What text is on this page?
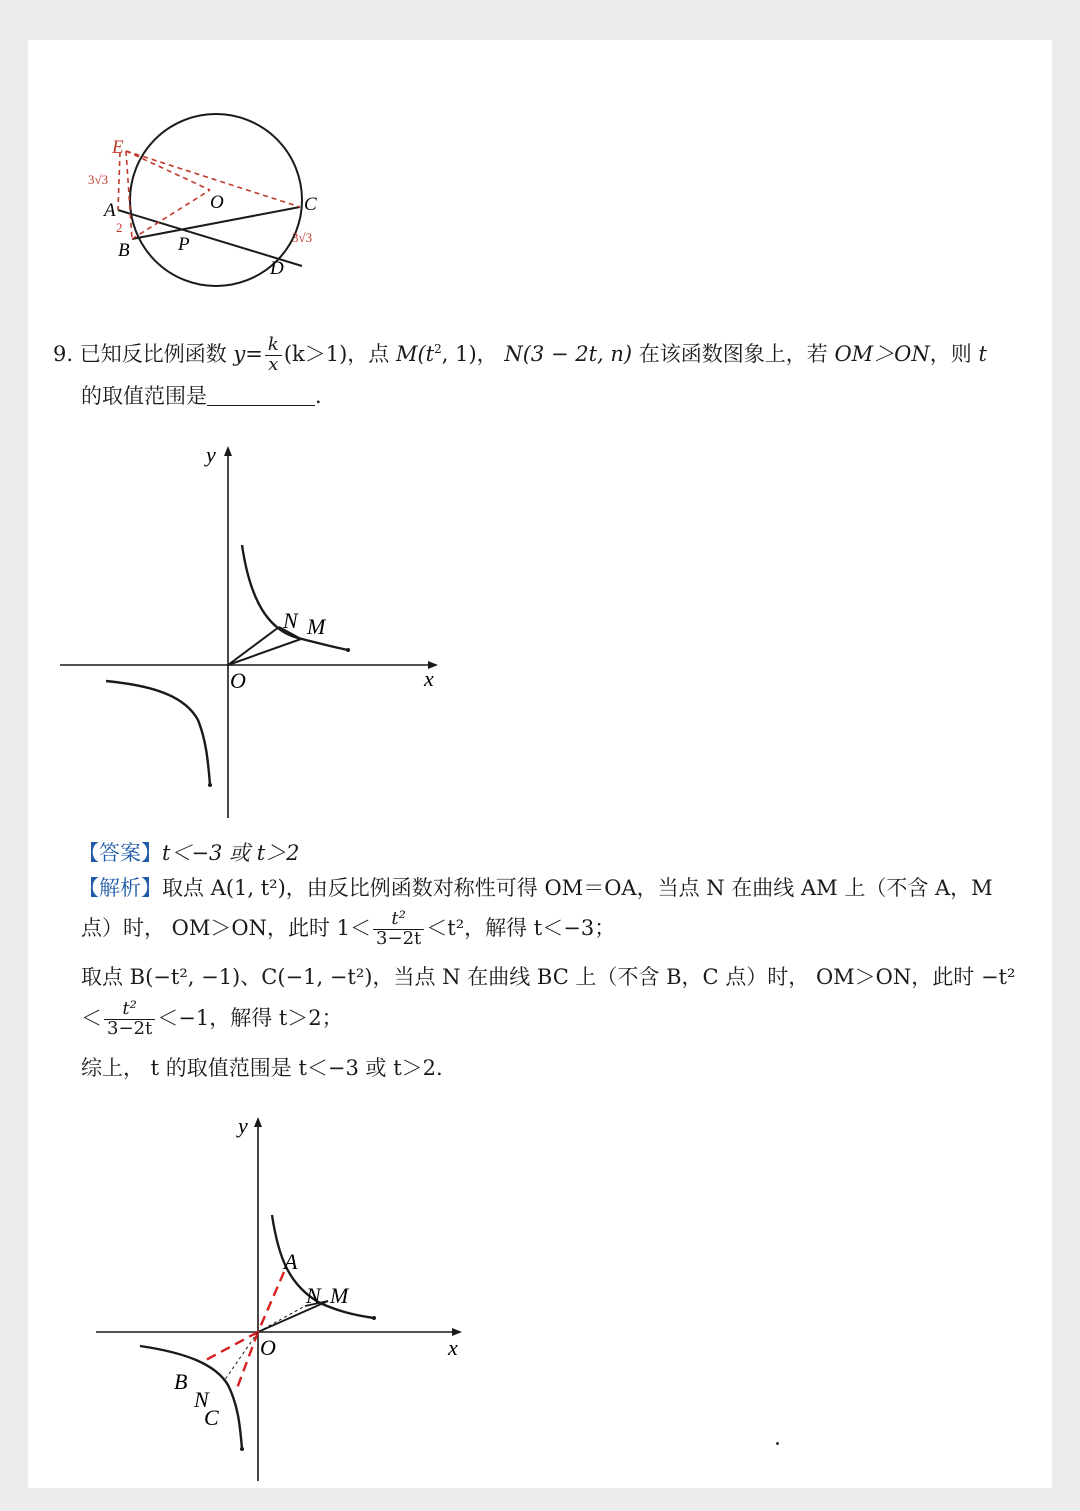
E
3√3
A
2
B
O	C
P	3√3
D
9. 已知反比例函数 $y= \frac{k}{x} (k>1)$，点 $M(t^2$, 1)， N(3 − 2t, n) 在该函数图象上，若 OM＞ON，则 t
的取值范围是	.
y
x
O
N M
【答案】t＜−3 或 t＞2
【解析】取点 A(1, t²)，由反比例函数对称性可得 OM＝OA，当点 N 在曲线 AM 上（不含 A，M
点）时， OM＞ON，此时 $1< \frac{\text{t²}}{3-2t} <t^2$，解得 t＜−3；
取点 B(−t², −1)、C(−1, −t²)，当点 N 在曲线 BC 上（不含 B，C 点）时， OM＞ON，此时 −t²
＜ $\frac{\text{t²}}{3-2t} <-1$，解得 t＞2；
综上， t 的取值范围是 t＜−3 或 t＞2.
y
x
O
A
N M
B
N
C
